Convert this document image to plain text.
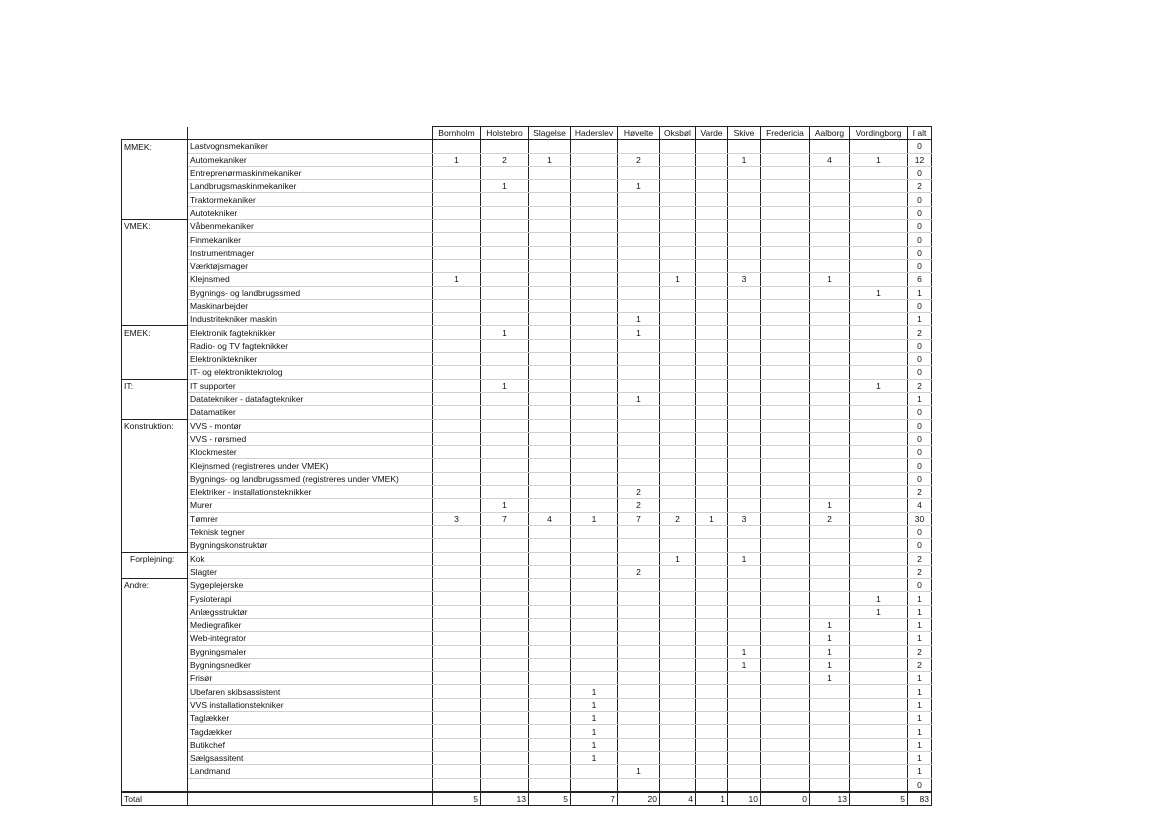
		Bornholm	Holstebro	Slagelse	Haderslev	Høvelte	Oksbøl	Varde	Skive	Fredericia	Aalborg	Vordingborg	I alt
MMEK:	Lastvognsmekaniker												0
	Automekaniker	1	2	1		2			1		4	1	12
	Entreprenørmaskinmekaniker												0
	Landbrugsmaskinmekaniker		1			1							2
	Traktormekaniker												0
	Autotekniker												0
VMEK:	Våbenmekaniker												0
	Finmekaniker												0
	Instrumentmager												0
	Værktøjsmager												0
	Klejnsmed	1					1		3		1		6
	Bygnings- og landbrugssmed											1	1
	Maskinarbejder												0
	Industritekniker maskin					1							1
EMEK:	Elektronik fagteknikker		1			1							2
	Radio- og TV fagteknikker												0
	Elektroniktekniker												0
	IT- og elektronikteknolog												0
IT:	IT supporter		1									1	2
	Datatekniker - datafagtekniker					1							1
	Datamatiker												0
Konstruktion:	VVS - montør												0
	VVS - rørsmed												0
	Klockmester												0
	Klejnsmed (registreres under VMEK)												0
	Bygnings- og landbrugssmed (registreres under VMEK)												0
	Elektriker - installationsteknikker					2							2
	Murer		1			2					1		4
	Tømrer	3	7	4	1	7	2	1	3		2		30
	Teknisk tegner												0
	Bygningskonstruktør												0
Forplejning:	Kok						1		1				2
	Slagter					2							2
Andre:	Sygeplejerske												0
	Fysioterapi											1	1
	Anlægsstruktør											1	1
	Mediegrafiker										1		1
	Web-integrator										1		1
	Bygningsmaler								1		1		2
	Bygningsnedker								1		1		2
	Frisør										1		1
	Ubefaren skibsassistent				1								1
	VVS installationstekniker				1								1
	Taglækker				1								1
	Tagdækker				1								1
	Butikchef				1								1
	Sælgsassitent				1								1
	Landmand					1							1
													0
Total		5	13	5	7	20	4	1	10	0	13	5	83
